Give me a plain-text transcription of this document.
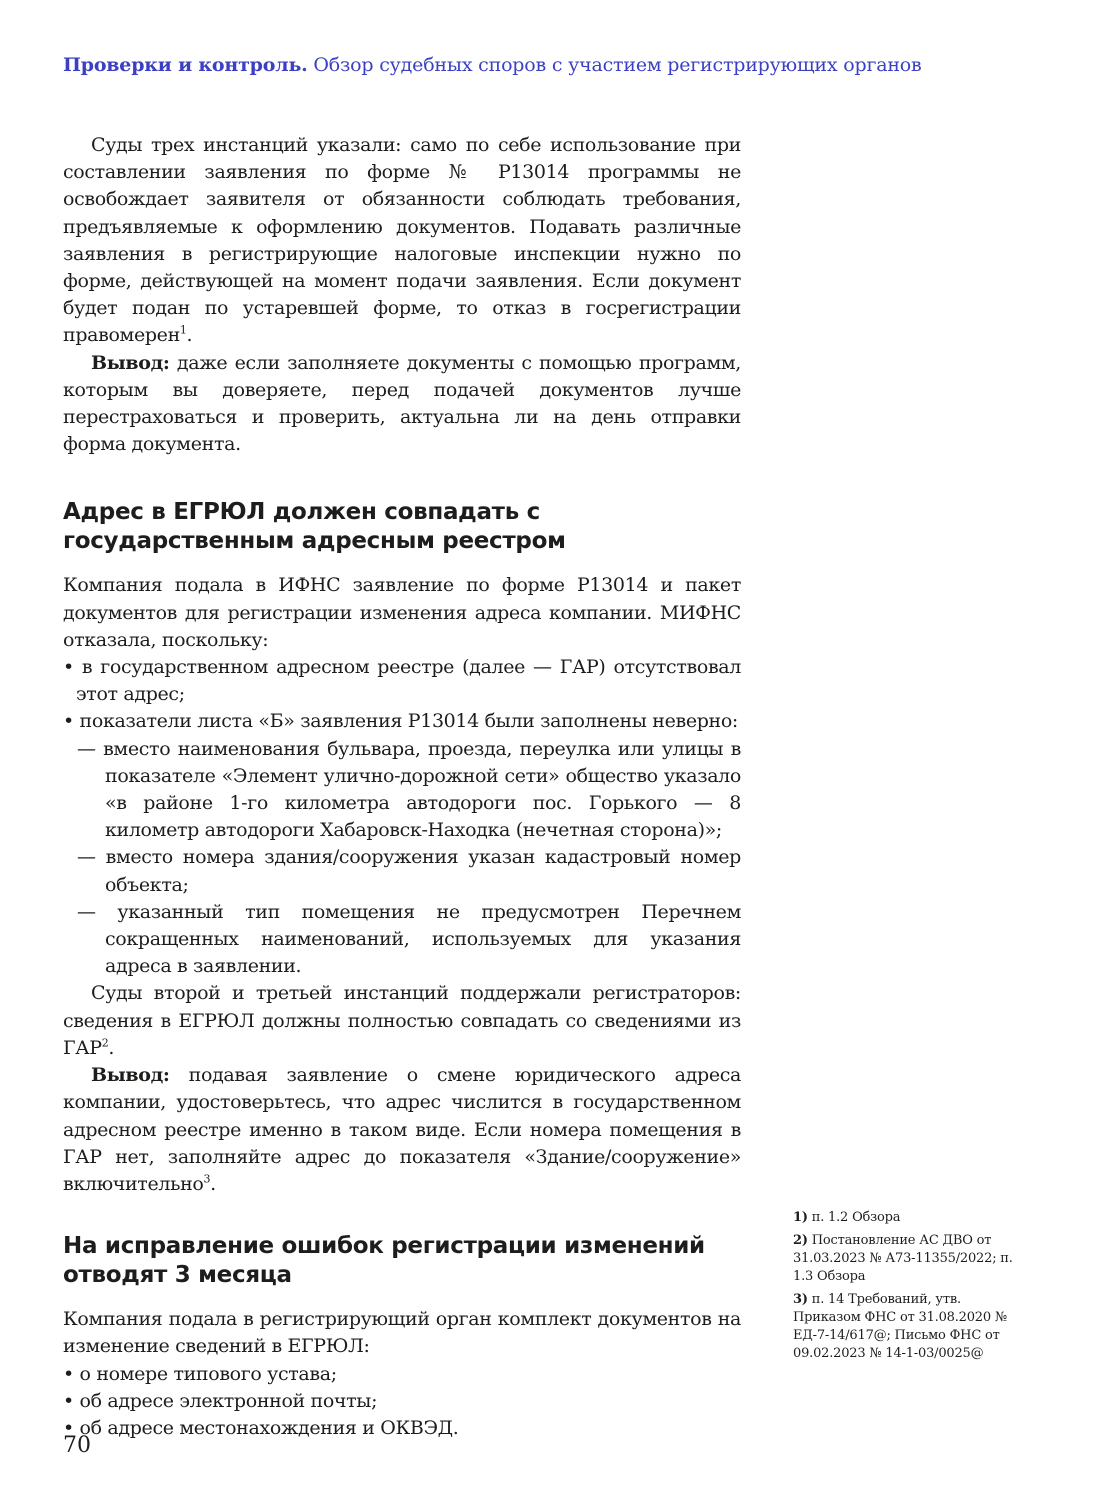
Проверки и контроль. Обзор судебных споров с участием регистрирующих органов

Суды трех инстанций указали: само по себе использование при составлении заявления по форме № Р13014 программы не освобождает заявителя от обязанности соблюдать требования, предъявляемые к оформлению документов. Подавать различные заявления в регистрирующие налоговые инспекции нужно по форме, действующей на момент подачи заявления. Если документ будет подан по устаревшей форме, то отказ в госрегистрации правомерен$^1$.

Вывод: даже если заполняете документы с помощью программ, которым вы доверяете, перед подачей документов лучше перестраховаться и проверить, актуальна ли на день отправки форма документа.

Адрес в ЕГРЮЛ должен совпадать с государственным адресным реестром

Компания подала в ИФНС заявление по форме Р13014 и пакет документов для регистрации изменения адреса компании. МИФНС отказала, поскольку:

• в государственном адресном реестре (далее — ГАР) отсутствовал этот адрес;

• показатели листа «Б» заявления Р13014 были заполнены неверно:

— вместо наименования бульвара, проезда, переулка или улицы в показателе «Элемент улично-дорожной сети» общество указало «в районе 1-го километра автодороги пос. Горького — 8 километр автодороги Хабаровск-Находка (нечетная сторона)»;

— вместо номера здания/сооружения указан кадастровый номер объекта;

— указанный тип помещения не предусмотрен Перечнем сокращенных наименований, используемых для указания адреса в заявлении.

Суды второй и третьей инстанций поддержали регистраторов: сведения в ЕГРЮЛ должны полностью совпадать со сведениями из ГАР$^2$.

Вывод: подавая заявление о смене юридического адреса компании, удостоверьтесь, что адрес числится в государственном адресном реестре именно в таком виде. Если номера помещения в ГАР нет, заполняйте адрес до показателя «Здание/сооружение» включительно$^3$.

На исправление ошибок регистрации изменений отводят 3 месяца

Компания подала в регистрирующий орган комплект документов на изменение сведений в ЕГРЮЛ:

• о номере типового устава;

• об адресе электронной почты;

• об адресе местонахождения и ОКВЭД.

1) п. 1.2 Обзора

2) Постановление АС ДВО от 31.03.2023 № А73-11355/2022; п. 1.3 Обзора

3) п. 14 Требований, утв. Приказом ФНС от 31.08.2020 № ЕД-7-14/617@; Письмо ФНС от 09.02.2023 № 14-1-03/0025@

70
